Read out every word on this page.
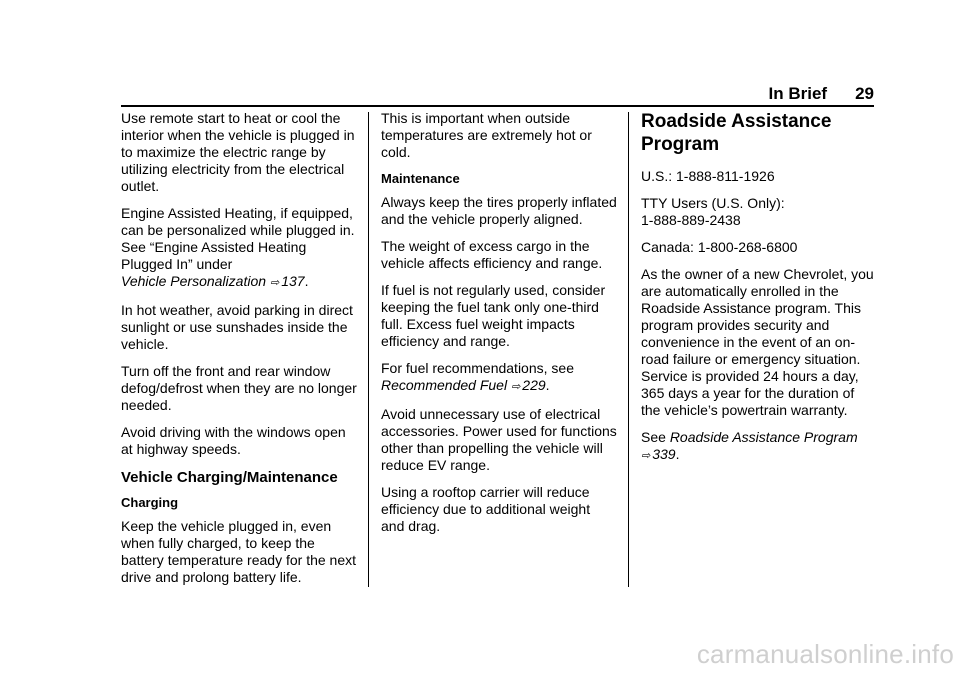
In Brief 29

Use remote start to heat or cool the interior when the vehicle is plugged in to maximize the electric range by utilizing electricity from the electrical outlet.

Engine Assisted Heating, if equipped, can be personalized while plugged in. See “Engine Assisted Heating Plugged In” under
Vehicle Personalization ⇨ 137.

In hot weather, avoid parking in direct sunlight or use sunshades inside the vehicle.

Turn off the front and rear window defog/defrost when they are no longer needed.

Avoid driving with the windows open at highway speeds.

Vehicle Charging/Maintenance
Charging

Keep the vehicle plugged in, even when fully charged, to keep the battery temperature ready for the next drive and prolong battery life.

This is important when outside temperatures are extremely hot or cold.

Maintenance

Always keep the tires properly inflated and the vehicle properly aligned.

The weight of excess cargo in the vehicle affects efficiency and range.

If fuel is not regularly used, consider keeping the fuel tank only one-third full. Excess fuel weight impacts efficiency and range.

For fuel recommendations, see
Recommended Fuel ⇨ 229.

Avoid unnecessary use of electrical accessories. Power used for functions other than propelling the vehicle will reduce EV range.

Using a rooftop carrier will reduce efficiency due to additional weight and drag.

Roadside Assistance Program

U.S.: 1-888-811-1926

TTY Users (U.S. Only):
1-888-889-2438

Canada: 1-800-268-6800

As the owner of a new Chevrolet, you are automatically enrolled in the Roadside Assistance program. This program provides security and convenience in the event of an on-road failure or emergency situation. Service is provided 24 hours a day, 365 days a year for the duration of the vehicle’s powertrain warranty.

See Roadside Assistance Program
⇨ 339.

carmanualsonline.info
